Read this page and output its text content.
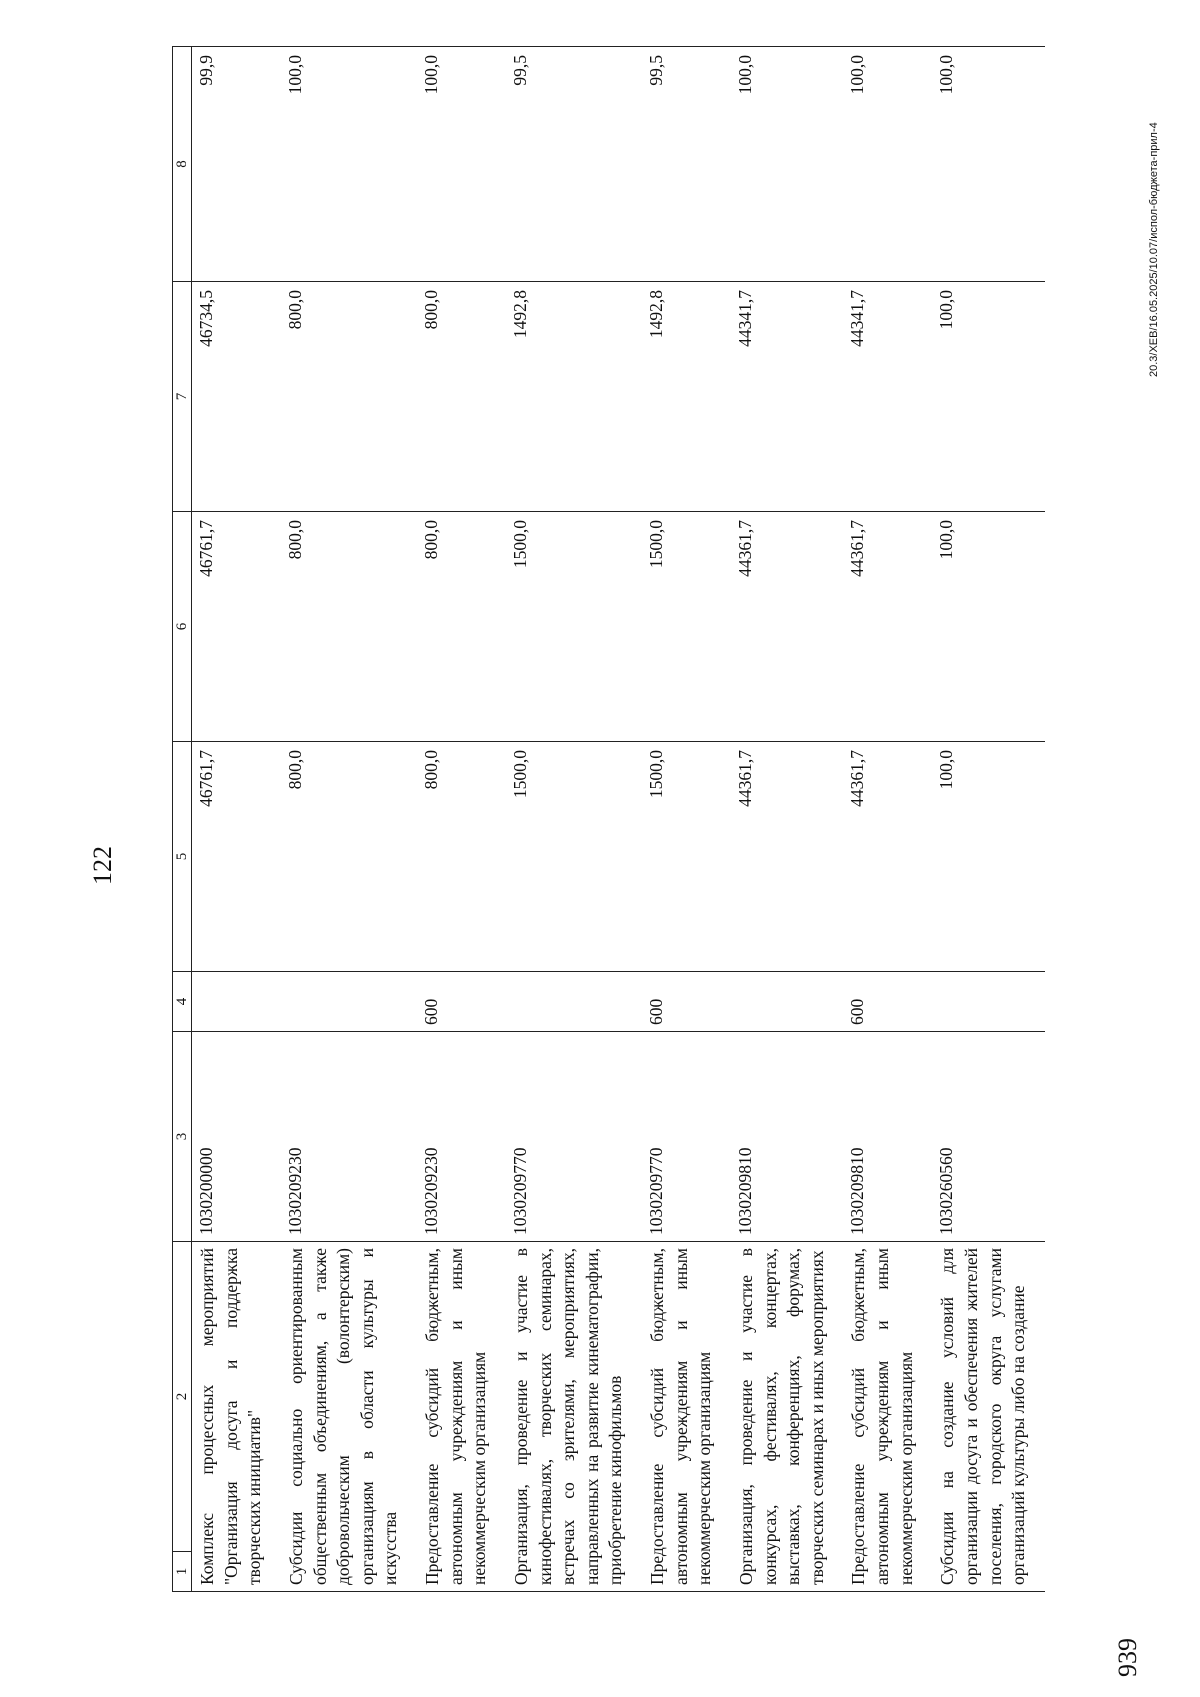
122
939
20.3/ХЕВ/16.05.2025/10.07/испол-бюджета-прил-4
1	2	3	4	5	6	7	8

Комплекс процессных мероприятий "Организация досуга и поддержка творческих инициатив"		1030200000		46761,7	46761,7	46734,5	99,9

Субсидии социально ориентированным общественным объединениям, а также добровольческим (волонтерским) организациям в области культуры и искусства		1030209230		800,0	800,0	800,0	100,0

Предоставление субсидий бюджетным, автономным учреждениям и иным некоммерческим организациям		1030209230	600	800,0	800,0	800,0	100,0

Организация, проведение и участие в кинофестивалях, творческих семинарах, встречах со зрителями, мероприятиях, направленных на развитие кинематографии, приобретение кинофильмов		1030209770		1500,0	1500,0	1492,8	99,5

Предоставление субсидий бюджетным, автономным учреждениям и иным некоммерческим организациям		1030209770	600	1500,0	1500,0	1492,8	99,5

Организация, проведение и участие в конкурсах, фестивалях, концертах, выставках, конференциях, форумах, творческих семинарах и иных мероприятиях		1030209810		44361,7	44361,7	44341,7	100,0

Предоставление субсидий бюджетным, автономным учреждениям и иным некоммерческим организациям		1030209810	600	44361,7	44361,7	44341,7	100,0

Субсидии на создание условий для организации досуга и обеспечения жителей поселения, городского округа услугами организаций культуры либо на создание		1030260560		100,0	100,0	100,0	100,0
